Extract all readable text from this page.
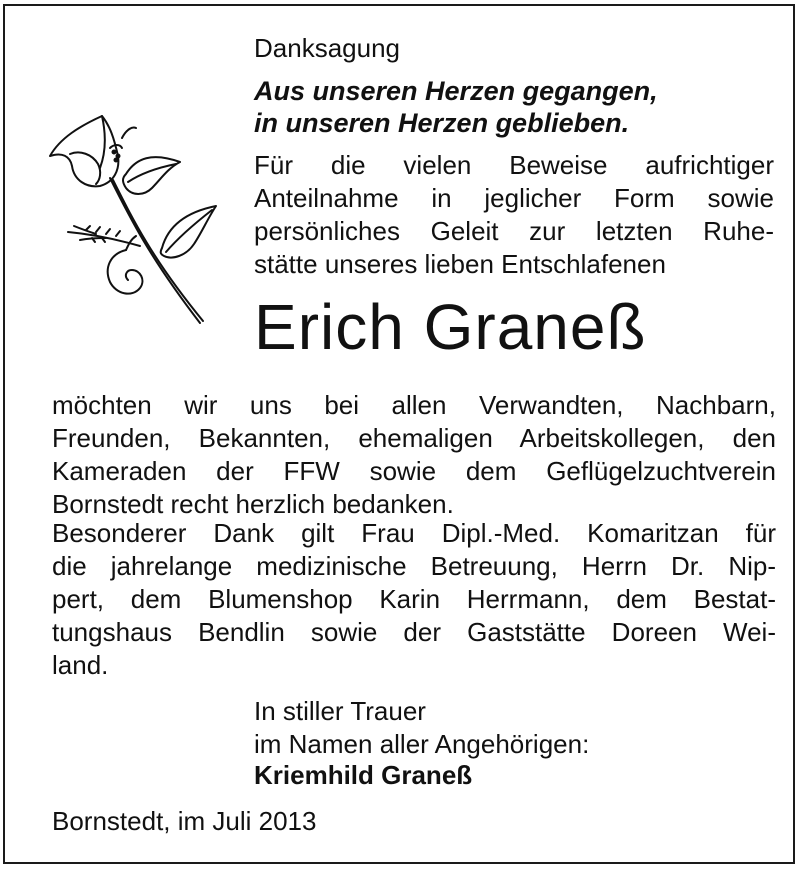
Danksagung
Aus unseren Herzen gegangen,
in unseren Herzen geblieben.
Für die vielen Beweise aufrichtiger
Anteilnahme in jeglicher Form sowie
persönliches Geleit zur letzten Ruhe-
stätte unseres lieben Entschlafenen
Erich Graneß
möchten wir uns bei allen Verwandten, Nachbarn,
Freunden, Bekannten, ehemaligen Arbeitskollegen, den
Kameraden der FFW sowie dem Geflügelzuchtverein
Bornstedt recht herzlich bedanken.
Besonderer Dank gilt Frau Dipl.-Med. Komaritzan für
die jahrelange medizinische Betreuung, Herrn Dr. Nip-
pert, dem Blumenshop Karin Herrmann, dem Bestat-
tungshaus Bendlin sowie der Gaststätte Doreen Wei-
land.
In stiller Trauer
im Namen aller Angehörigen:
Kriemhild Graneß
Bornstedt, im Juli 2013
